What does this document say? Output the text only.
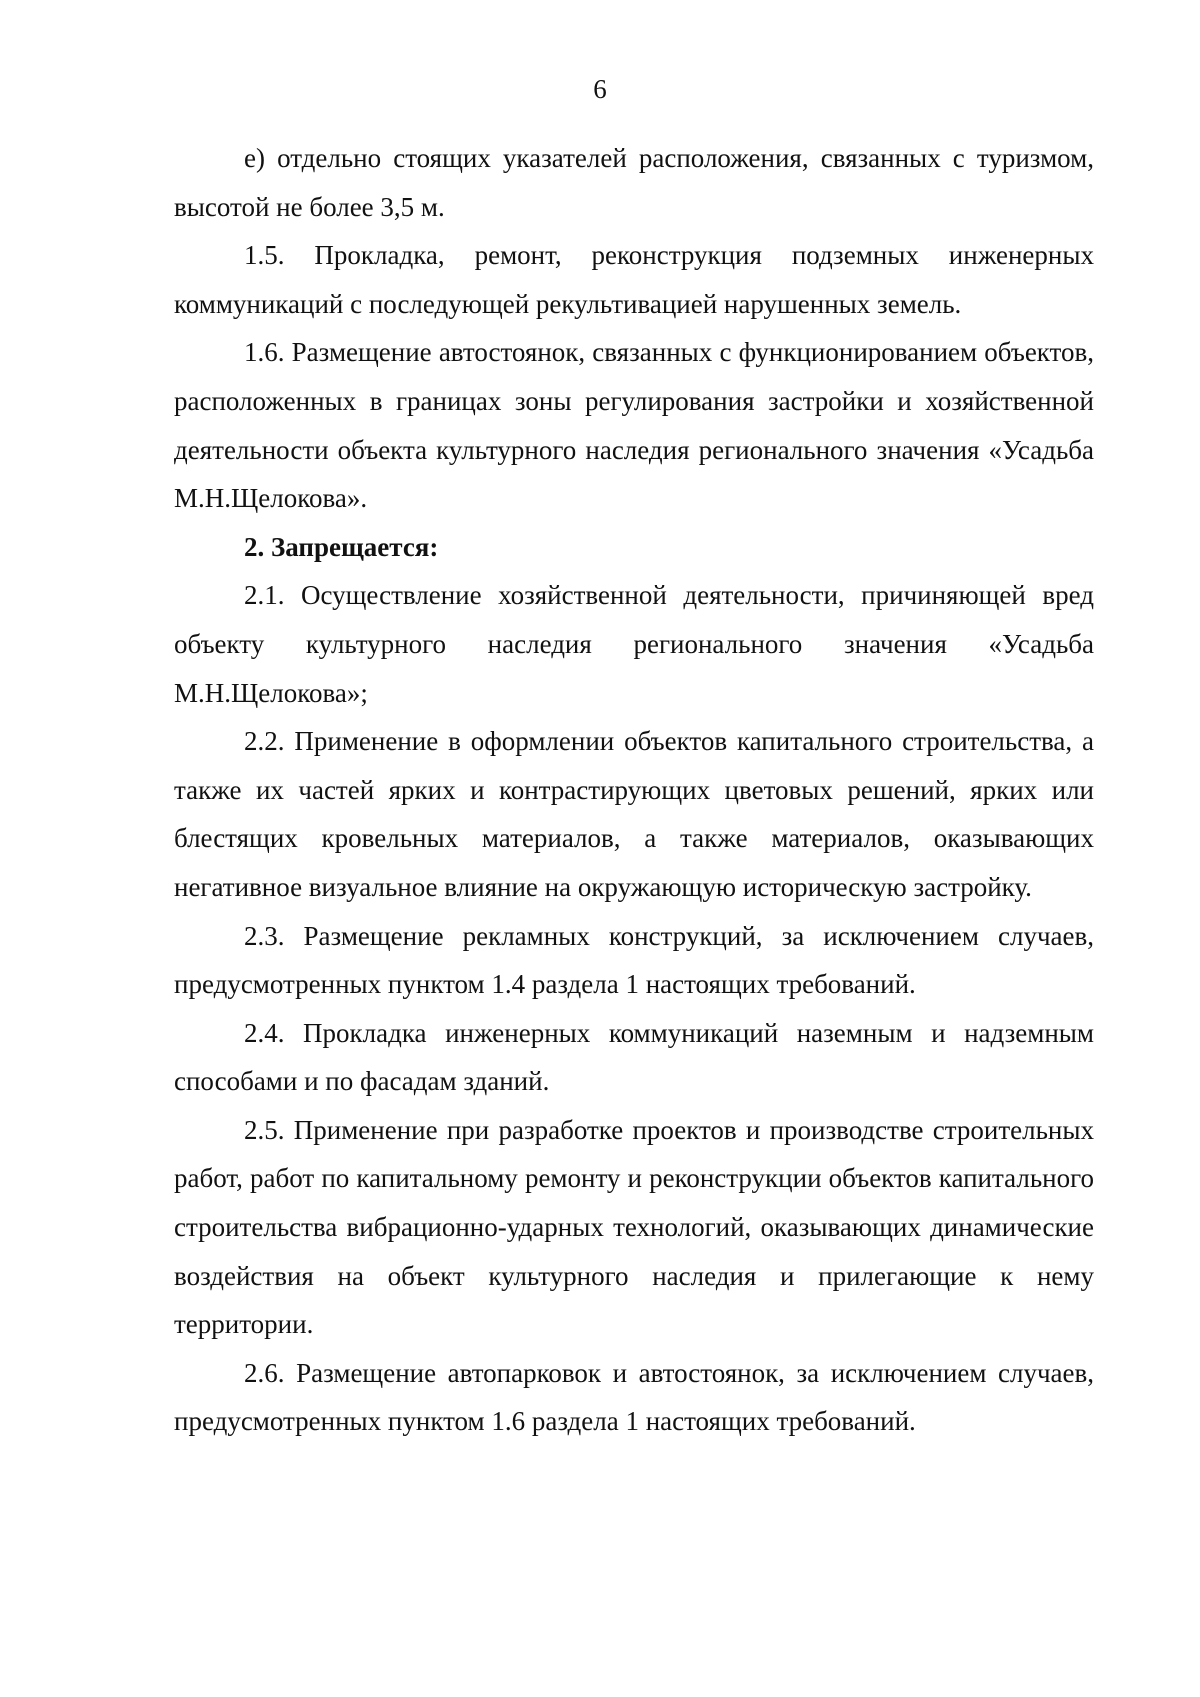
6

е) отдельно стоящих указателей расположения, связанных с туризмом, высотой не более 3,5 м.

1.5. Прокладка, ремонт, реконструкция подземных инженерных коммуникаций с последующей рекультивацией нарушенных земель.

1.6. Размещение автостоянок, связанных с функционированием объектов, расположенных в границах зоны регулирования застройки и хозяйственной деятельности объекта культурного наследия регионального значения «Усадьба М.Н.Щелокова».

2. Запрещается:

2.1. Осуществление хозяйственной деятельности, причиняющей вред объекту культурного наследия регионального значения «Усадьба М.Н.Щелокова»;

2.2. Применение в оформлении объектов капитального строительства, а также их частей ярких и контрастирующих цветовых решений, ярких или блестящих кровельных материалов, а также материалов, оказывающих негативное визуальное влияние на окружающую историческую застройку.

2.3. Размещение рекламных конструкций, за исключением случаев, предусмотренных пунктом 1.4 раздела 1 настоящих требований.

2.4. Прокладка инженерных коммуникаций наземным и надземным способами и по фасадам зданий.

2.5. Применение при разработке проектов и производстве строительных работ, работ по капитальному ремонту и реконструкции объектов капитального строительства вибрационно-ударных технологий, оказывающих динамические воздействия на объект культурного наследия и прилегающие к нему территории.

2.6. Размещение автопарковок и автостоянок, за исключением случаев, предусмотренных пунктом 1.6 раздела 1 настоящих требований.
